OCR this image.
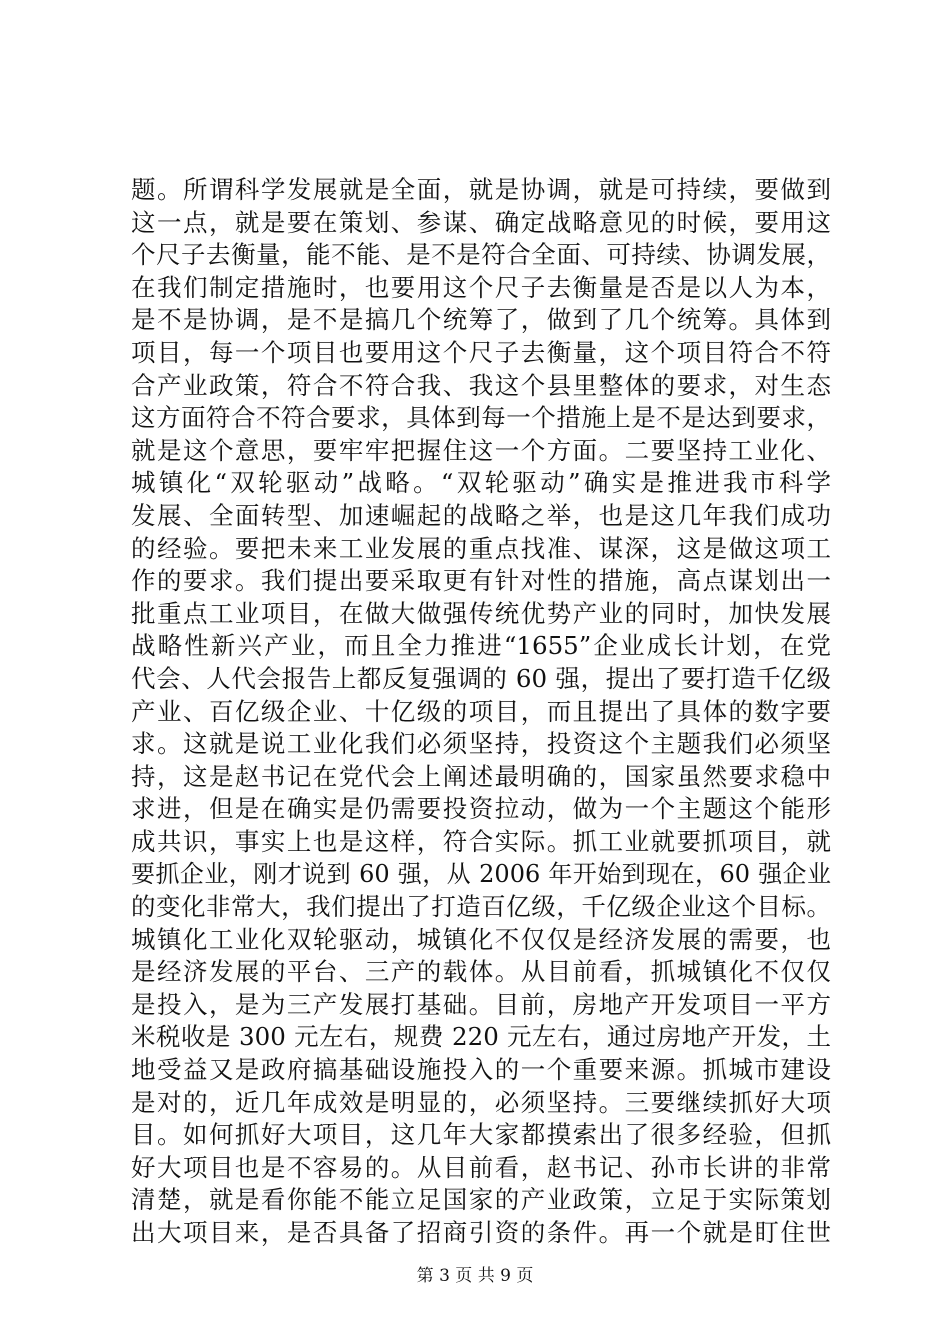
题。所谓科学发展就是全面，就是协调，就是可持续，要做到
这一点，就是要在策划、参谋、确定战略意见的时候，要用这
个尺子去衡量，能不能、是不是符合全面、可持续、协调发展，
在我们制定措施时，也要用这个尺子去衡量是否是以人为本，
是不是协调，是不是搞几个统筹了，做到了几个统筹。具体到
项目，每一个项目也要用这个尺子去衡量，这个项目符合不符
合产业政策，符合不符合我、我这个县里整体的要求，对生态
这方面符合不符合要求，具体到每一个措施上是不是达到要求，
就是这个意思，要牢牢把握住这一个方面。二要坚持工业化、
城镇化“双轮驱动”战略。“双轮驱动”确实是推进我市科学
发展、全面转型、加速崛起的战略之举，也是这几年我们成功
的经验。要把未来工业发展的重点找准、谋深，这是做这项工
作的要求。我们提出要采取更有针对性的措施，高点谋划出一
批重点工业项目，在做大做强传统优势产业的同时，加快发展
战略性新兴产业，而且全力推进“1655”企业成长计划，在党
代会、人代会报告上都反复强调的 60 强，提出了要打造千亿级
产业、百亿级企业、十亿级的项目，而且提出了具体的数字要
求。这就是说工业化我们必须坚持，投资这个主题我们必须坚
持，这是赵书记在党代会上阐述最明确的，国家虽然要求稳中
求进，但是在确实是仍需要投资拉动，做为一个主题这个能形
成共识，事实上也是这样，符合实际。抓工业就要抓项目，就
要抓企业，刚才说到 60 强，从 2006 年开始到现在，60 强企业
的变化非常大，我们提出了打造百亿级，千亿级企业这个目标。
城镇化工业化双轮驱动，城镇化不仅仅是经济发展的需要，也
是经济发展的平台、三产的载体。从目前看，抓城镇化不仅仅
是投入，是为三产发展打基础。目前，房地产开发项目一平方
米税收是 300 元左右，规费 220 元左右，通过房地产开发，土
地受益又是政府搞基础设施投入的一个重要来源。抓城市建设
是对的，近几年成效是明显的，必须坚持。三要继续抓好大项
目。如何抓好大项目，这几年大家都摸索出了很多经验，但抓
好大项目也是不容易的。从目前看，赵书记、孙市长讲的非常
清楚，就是看你能不能立足国家的产业政策，立足于实际策划
出大项目来，是否具备了招商引资的条件。再一个就是盯住世
第 3 页 共 9 页
